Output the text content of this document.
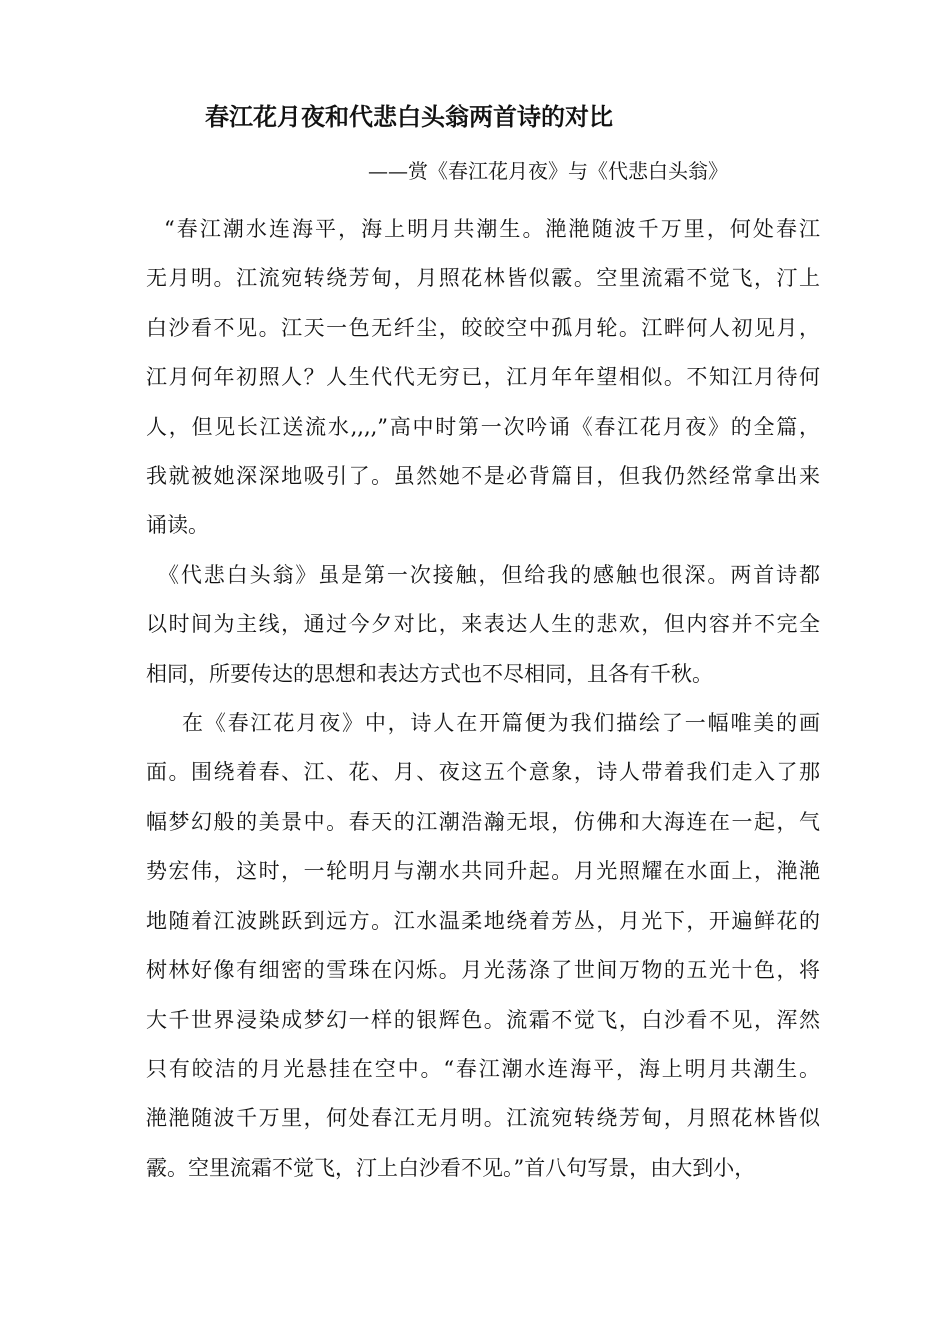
春江花月夜和代悲白头翁两首诗的对比
——赏《春江花月夜》与《代悲白头翁》
“春江潮水连海平，海上明月共潮生。滟滟随波千万里，何处春江
无月明。江流宛转绕芳甸，月照花林皆似霰。空里流霜不觉飞，汀上
白沙看不见。江天一色无纤尘，皎皎空中孤月轮。江畔何人初见月，
江月何年初照人？人生代代无穷已，江月年年望相似。不知江月待何
人，但见长江送流水,,,,”高中时第一次吟诵《春江花月夜》的全篇，
我就被她深深地吸引了。虽然她不是必背篇目，但我仍然经常拿出来
诵读。
《代悲白头翁》虽是第一次接触，但给我的感触也很深。两首诗都
以时间为主线，通过今夕对比，来表达人生的悲欢，但内容并不完全
相同，所要传达的思想和表达方式也不尽相同，且各有千秋。
在《春江花月夜》中，诗人在开篇便为我们描绘了一幅唯美的画
面。围绕着春、江、花、月、夜这五个意象，诗人带着我们走入了那
幅梦幻般的美景中。春天的江潮浩瀚无垠，仿佛和大海连在一起，气
势宏伟，这时，一轮明月与潮水共同升起。月光照耀在水面上，滟滟
地随着江波跳跃到远方。江水温柔地绕着芳丛，月光下，开遍鲜花的
树林好像有细密的雪珠在闪烁。月光荡涤了世间万物的五光十色，将
大千世界浸染成梦幻一样的银辉色。流霜不觉飞，白沙看不见，浑然
只有皎洁的月光悬挂在空中。“春江潮水连海平，海上明月共潮生。
滟滟随波千万里，何处春江无月明。江流宛转绕芳甸，月照花林皆似
霰。空里流霜不觉飞，汀上白沙看不见。”首八句写景，由大到小，
